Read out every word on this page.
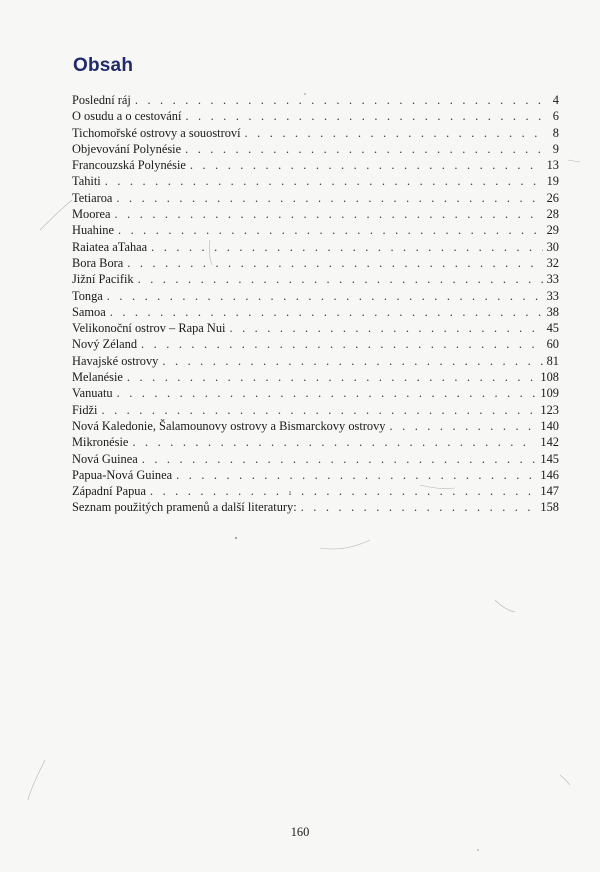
Obsah
Poslední ráj . . .	4
O osudu a o cestování . . .	6
Tichomořské ostrovy a souostroví . . .	8
Objevování Polynésie . . .	9
Francouzská Polynésie . . .	13
Tahiti . . .	19
Tetiaroa . . .	26
Moorea . . .	28
Huahine . . .	29
Raiatea aTahaa . . .	30
Bora Bora . . .	32
Jižní Pacifik . . .	33
Tonga . . .	33
Samoa . . .	38
Velikonoční ostrov – Rapa Nui . . .	45
Nový Zéland . . .	60
Havajské ostrovy . . .	81
Melanésie . . .	108
Vanuatu . . .	109
Fidži . . .	123
Nová Kaledonie, Šalamounovy ostrovy a Bismarckovy ostrovy . . .	140
Mikronésie . . .	142
Nová Guinea . . .	145
Papua-Nová Guinea . . .	146
Západní Papua . . .	147
Seznam použitých pramenů a další literatury: . . .	158
160
